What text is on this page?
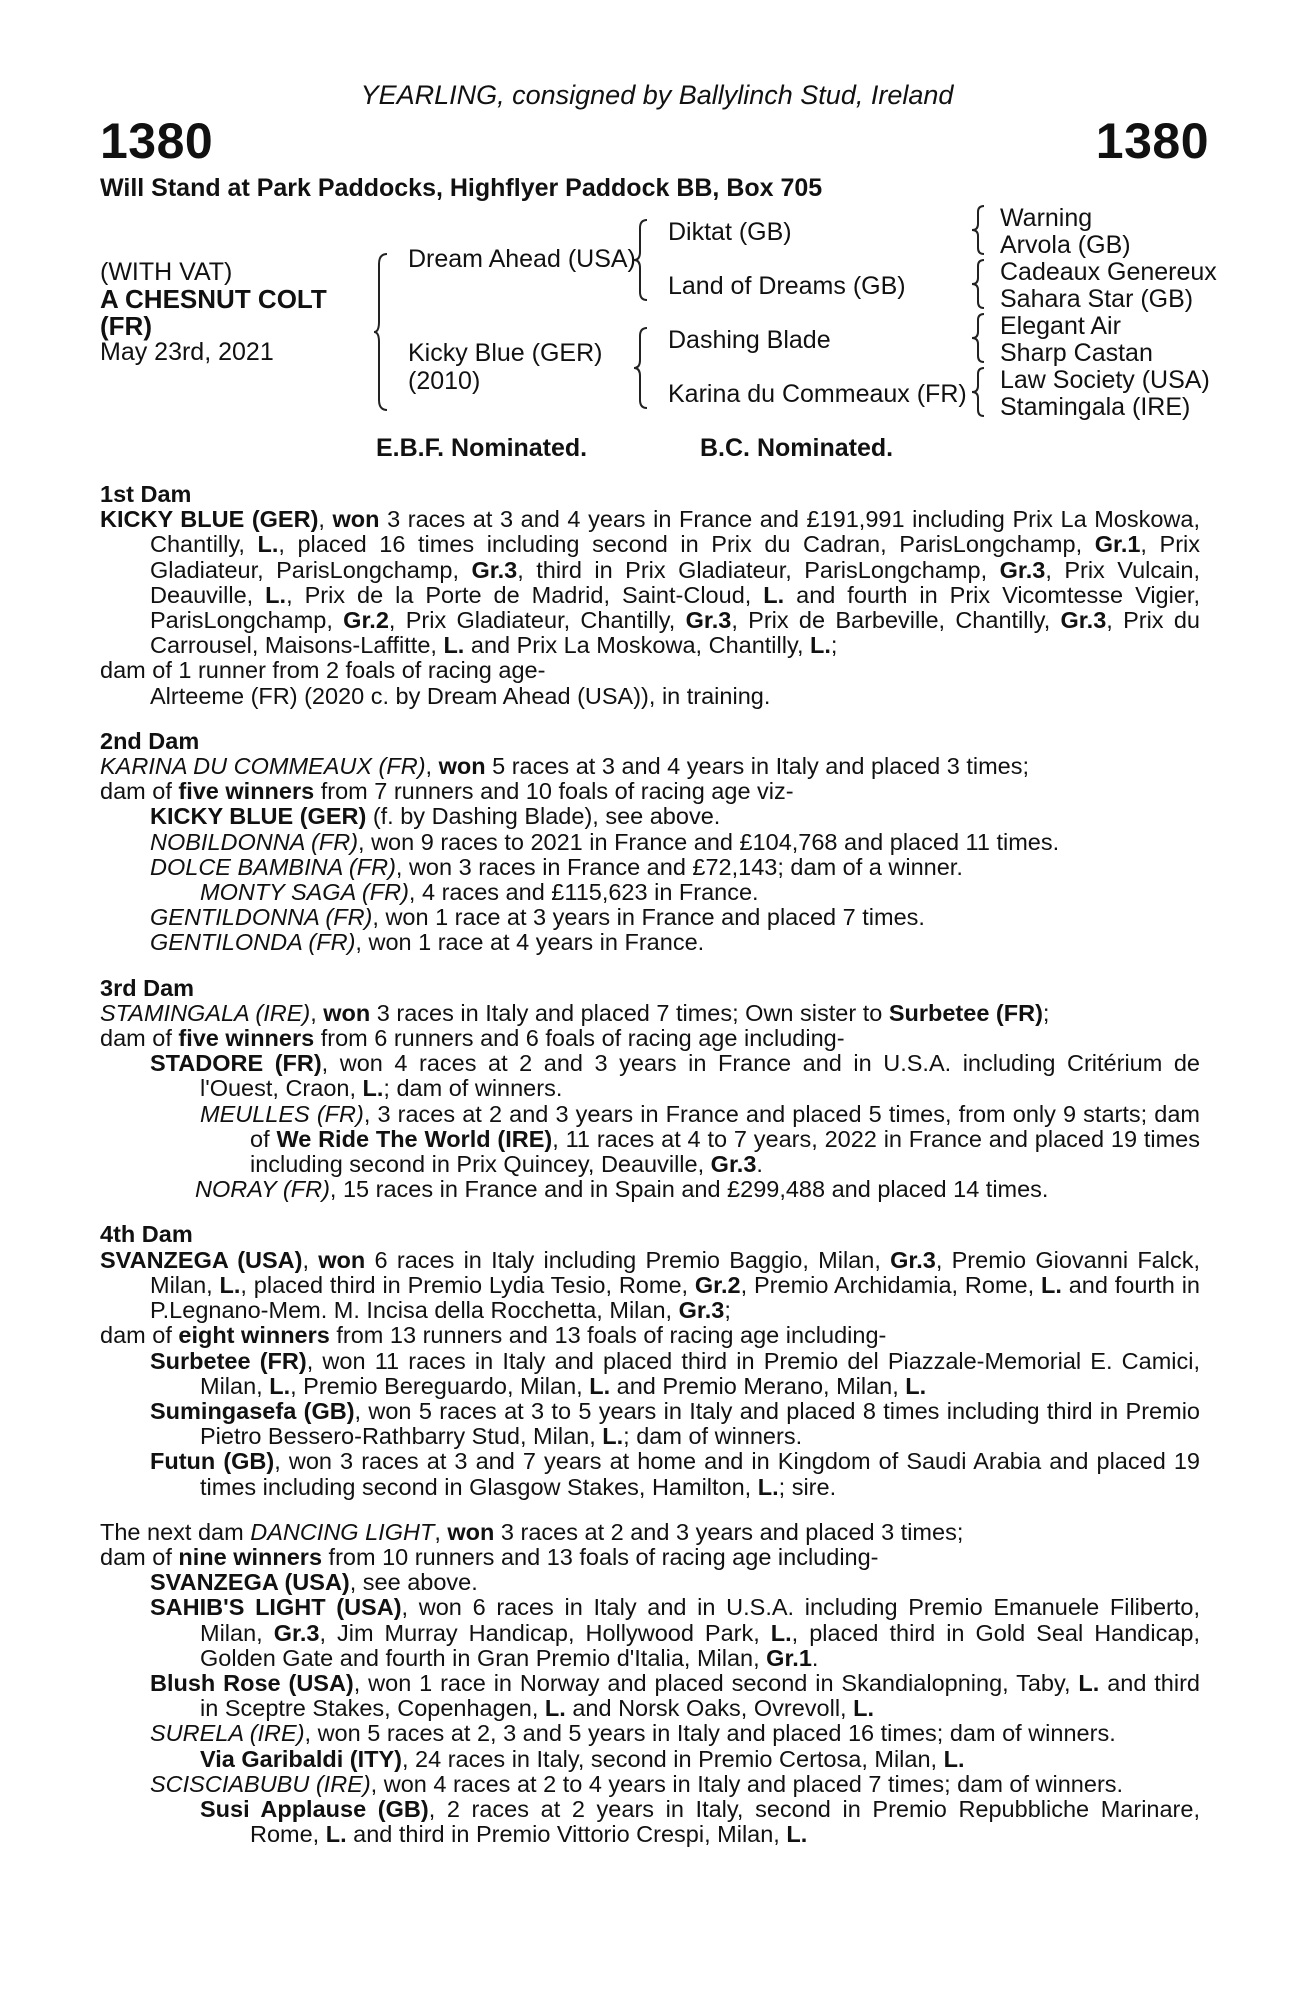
YEARLING, consigned by Ballylinch Stud, Ireland
1380	1380
Will Stand at Park Paddocks, Highflyer Paddock BB, Box 705
(WITH VAT)
A CHESNUT COLT
(FR)
May 23rd, 2021
Dream Ahead (USA)
Kicky Blue (GER)
(2010)
Diktat (GB)
Land of Dreams (GB)
Dashing Blade
Karina du Commeaux (FR)
Warning
Arvola (GB)
Cadeaux Genereux
Sahara Star (GB)
Elegant Air
Sharp Castan
Law Society (USA)
Stamingala (IRE)
E.B.F. Nominated.	B.C. Nominated.

1st Dam

KICKY BLUE (GER), won 3 races at 3 and 4 years in France and £191,991 including Prix La Moskowa, Chantilly, L., placed 16 times including second in Prix du Cadran, ParisLongchamp, Gr.1, Prix Gladiateur, ParisLongchamp, Gr.3, third in Prix Gladiateur, ParisLongchamp, Gr.3, Prix Vulcain, Deauville, L., Prix de la Porte de Madrid, Saint-Cloud, L. and fourth in Prix Vicomtesse Vigier, ParisLongchamp, Gr.2, Prix Gladiateur, Chantilly, Gr.3, Prix de Barbeville, Chantilly, Gr.3, Prix du Carrousel, Maisons-Laffitte, L. and Prix La Moskowa, Chantilly, L.;

dam of 1 runner from 2 foals of racing age-

Alrteeme (FR) (2020 c. by Dream Ahead (USA)), in training.

2nd Dam

KARINA DU COMMEAUX (FR), won 5 races at 3 and 4 years in Italy and placed 3 times;

dam of five winners from 7 runners and 10 foals of racing age viz-

KICKY BLUE (GER) (f. by Dashing Blade), see above.

NOBILDONNA (FR), won 9 races to 2021 in France and £104,768 and placed 11 times.

DOLCE BAMBINA (FR), won 3 races in France and £72,143; dam of a winner.

MONTY SAGA (FR), 4 races and £115,623 in France.

GENTILDONNA (FR), won 1 race at 3 years in France and placed 7 times.

GENTILONDA (FR), won 1 race at 4 years in France.

3rd Dam

STAMINGALA (IRE), won 3 races in Italy and placed 7 times; Own sister to Surbetee (FR);

dam of five winners from 6 runners and 6 foals of racing age including-

STADORE (FR), won 4 races at 2 and 3 years in France and in U.S.A. including Critérium de l'Ouest, Craon, L.; dam of winners.

MEULLES (FR), 3 races at 2 and 3 years in France and placed 5 times, from only 9 starts; dam of We Ride The World (IRE), 11 races at 4 to 7 years, 2022 in France and placed 19 times including second in Prix Quincey, Deauville, Gr.3.

NORAY (FR), 15 races in France and in Spain and £299,488 and placed 14 times.

4th Dam

SVANZEGA (USA), won 6 races in Italy including Premio Baggio, Milan, Gr.3, Premio Giovanni Falck, Milan, L., placed third in Premio Lydia Tesio, Rome, Gr.2, Premio Archidamia, Rome, L. and fourth in P.Legnano-Mem. M. Incisa della Rocchetta, Milan, Gr.3;

dam of eight winners from 13 runners and 13 foals of racing age including-

Surbetee (FR), won 11 races in Italy and placed third in Premio del Piazzale-Memorial E. Camici, Milan, L., Premio Bereguardo, Milan, L. and Premio Merano, Milan, L.

Sumingasefa (GB), won 5 races at 3 to 5 years in Italy and placed 8 times including third in Premio Pietro Bessero-Rathbarry Stud, Milan, L.; dam of winners.

Futun (GB), won 3 races at 3 and 7 years at home and in Kingdom of Saudi Arabia and placed 19 times including second in Glasgow Stakes, Hamilton, L.; sire.

The next dam DANCING LIGHT, won 3 races at 2 and 3 years and placed 3 times;

dam of nine winners from 10 runners and 13 foals of racing age including-

SVANZEGA (USA), see above.

SAHIB'S LIGHT (USA), won 6 races in Italy and in U.S.A. including Premio Emanuele Filiberto, Milan, Gr.3, Jim Murray Handicap, Hollywood Park, L., placed third in Gold Seal Handicap, Golden Gate and fourth in Gran Premio d'Italia, Milan, Gr.1.

Blush Rose (USA), won 1 race in Norway and placed second in Skandialopning, Taby, L. and third in Sceptre Stakes, Copenhagen, L. and Norsk Oaks, Ovrevoll, L.

SURELA (IRE), won 5 races at 2, 3 and 5 years in Italy and placed 16 times; dam of winners.

Via Garibaldi (ITY), 24 races in Italy, second in Premio Certosa, Milan, L.

SCISCIABUBU (IRE), won 4 races at 2 to 4 years in Italy and placed 7 times; dam of winners.

Susi Applause (GB), 2 races at 2 years in Italy, second in Premio Repubbliche Marinare, Rome, L. and third in Premio Vittorio Crespi, Milan, L.
